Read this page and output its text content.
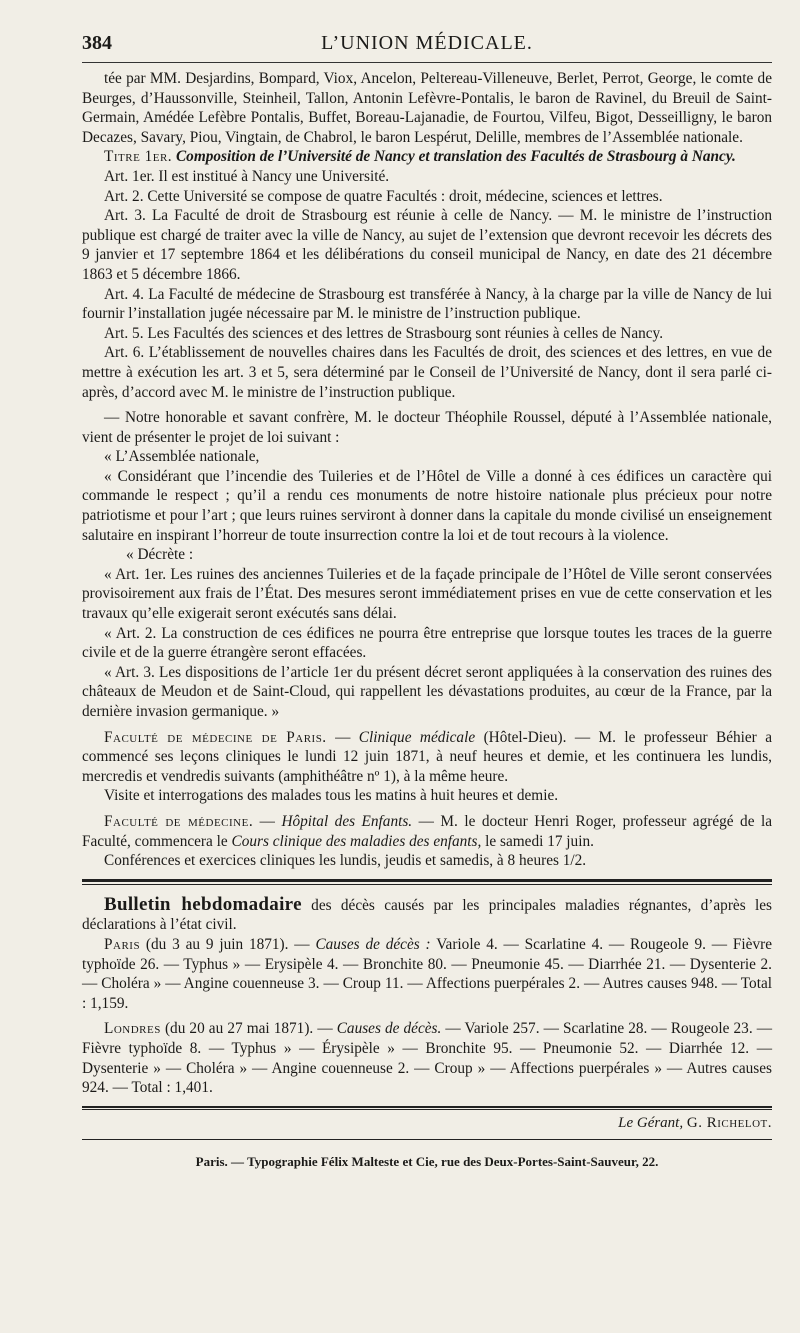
384	L’UNION MÉDICALE.

tée par MM. Desjardins, Bompard, Viox, Ancelon, Peltereau-Villeneuve, Berlet, Perrot, George, le comte de Beurges, d’Haussonville, Steinheil, Tallon, Antonin Lefèvre-Pontalis, le baron de Ravinel, du Breuil de Saint-Germain, Amédée Lefèbre Pontalis, Buffet, Boreau-Lajanadie, de Fourtou, Vilfeu, Bigot, Desseilligny, le baron Decazes, Savary, Piou, Vingtain, de Chabrol, le baron Lespérut, Delille, membres de l’Assemblée nationale.

Titre 1er. Composition de l’Université de Nancy et translation des Facultés de Strasbourg à Nancy.

Art. 1er. Il est institué à Nancy une Université.

Art. 2. Cette Université se compose de quatre Facultés : droit, médecine, sciences et lettres.

Art. 3. La Faculté de droit de Strasbourg est réunie à celle de Nancy. — M. le ministre de l’instruction publique est chargé de traiter avec la ville de Nancy, au sujet de l’extension que devront recevoir les décrets des 9 janvier et 17 septembre 1864 et les délibérations du conseil municipal de Nancy, en date des 21 décembre 1863 et 5 décembre 1866.

Art. 4. La Faculté de médecine de Strasbourg est transférée à Nancy, à la charge par la ville de Nancy de lui fournir l’installation jugée nécessaire par M. le ministre de l’instruction publique.

Art. 5. Les Facultés des sciences et des lettres de Strasbourg sont réunies à celles de Nancy.

Art. 6. L’établissement de nouvelles chaires dans les Facultés de droit, des sciences et des lettres, en vue de mettre à exécution les art. 3 et 5, sera déterminé par le Conseil de l’Université de Nancy, dont il sera parlé ci-après, d’accord avec M. le ministre de l’instruction publique.

— Notre honorable et savant confrère, M. le docteur Théophile Roussel, député à l’Assemblée nationale, vient de présenter le projet de loi suivant :

« L’Assemblée nationale,

« Considérant que l’incendie des Tuileries et de l’Hôtel de Ville a donné à ces édifices un caractère qui commande le respect ; qu’il a rendu ces monuments de notre histoire nationale plus précieux pour notre patriotisme et pour l’art ; que leurs ruines serviront à donner dans la capitale du monde civilisé un enseignement salutaire en inspirant l’horreur de toute insurrection contre la loi et de tout recours à la violence.

« Décrète :

« Art. 1er. Les ruines des anciennes Tuileries et de la façade principale de l’Hôtel de Ville seront conservées provisoirement aux frais de l’État. Des mesures seront immédiatement prises en vue de cette conservation et les travaux qu’elle exigerait seront exécutés sans délai.

« Art. 2. La construction de ces édifices ne pourra être entreprise que lorsque toutes les traces de la guerre civile et de la guerre étrangère seront effacées.

« Art. 3. Les dispositions de l’article 1er du présent décret seront appliquées à la conservation des ruines des châteaux de Meudon et de Saint-Cloud, qui rappellent les dévastations produites, au cœur de la France, par la dernière invasion germanique. »

Faculté de médecine de Paris. — Clinique médicale (Hôtel-Dieu). — M. le professeur Béhier a commencé ses leçons cliniques le lundi 12 juin 1871, à neuf heures et demie, et les continuera les lundis, mercredis et vendredis suivants (amphithéâtre nº 1), à la même heure.

Visite et interrogations des malades tous les matins à huit heures et demie.

Faculté de médecine. — Hôpital des Enfants. — M. le docteur Henri Roger, professeur agrégé de la Faculté, commencera le Cours clinique des maladies des enfants, le samedi 17 juin.

Conférences et exercices cliniques les lundis, jeudis et samedis, à 8 heures 1/2.

Bulletin hebdomadaire des décès causés par les principales maladies régnantes, d’après les déclarations à l’état civil.

Paris (du 3 au 9 juin 1871). — Causes de décès : Variole 4. — Scarlatine 4. — Rougeole 9. — Fièvre typhoïde 26. — Typhus » — Erysipèle 4. — Bronchite 80. — Pneumonie 45. — Diarrhée 21. — Dysenterie 2. — Choléra » — Angine couenneuse 3. — Croup 11. — Affections puerpérales 2. — Autres causes 948. — Total : 1,159.

Londres (du 20 au 27 mai 1871). — Causes de décès. — Variole 257. — Scarlatine 28. — Rougeole 23. — Fièvre typhoïde 8. — Typhus » — Érysipèle » — Bronchite 95. — Pneumonie 52. — Diarrhée 12. — Dysenterie » — Choléra » — Angine couenneuse 2. — Croup » — Affections puerpérales » — Autres causes 924. — Total : 1,401.

Le Gérant, G. Richelot.
Paris. — Typographie Félix Malteste et Cie, rue des Deux-Portes-Saint-Sauveur, 22.
